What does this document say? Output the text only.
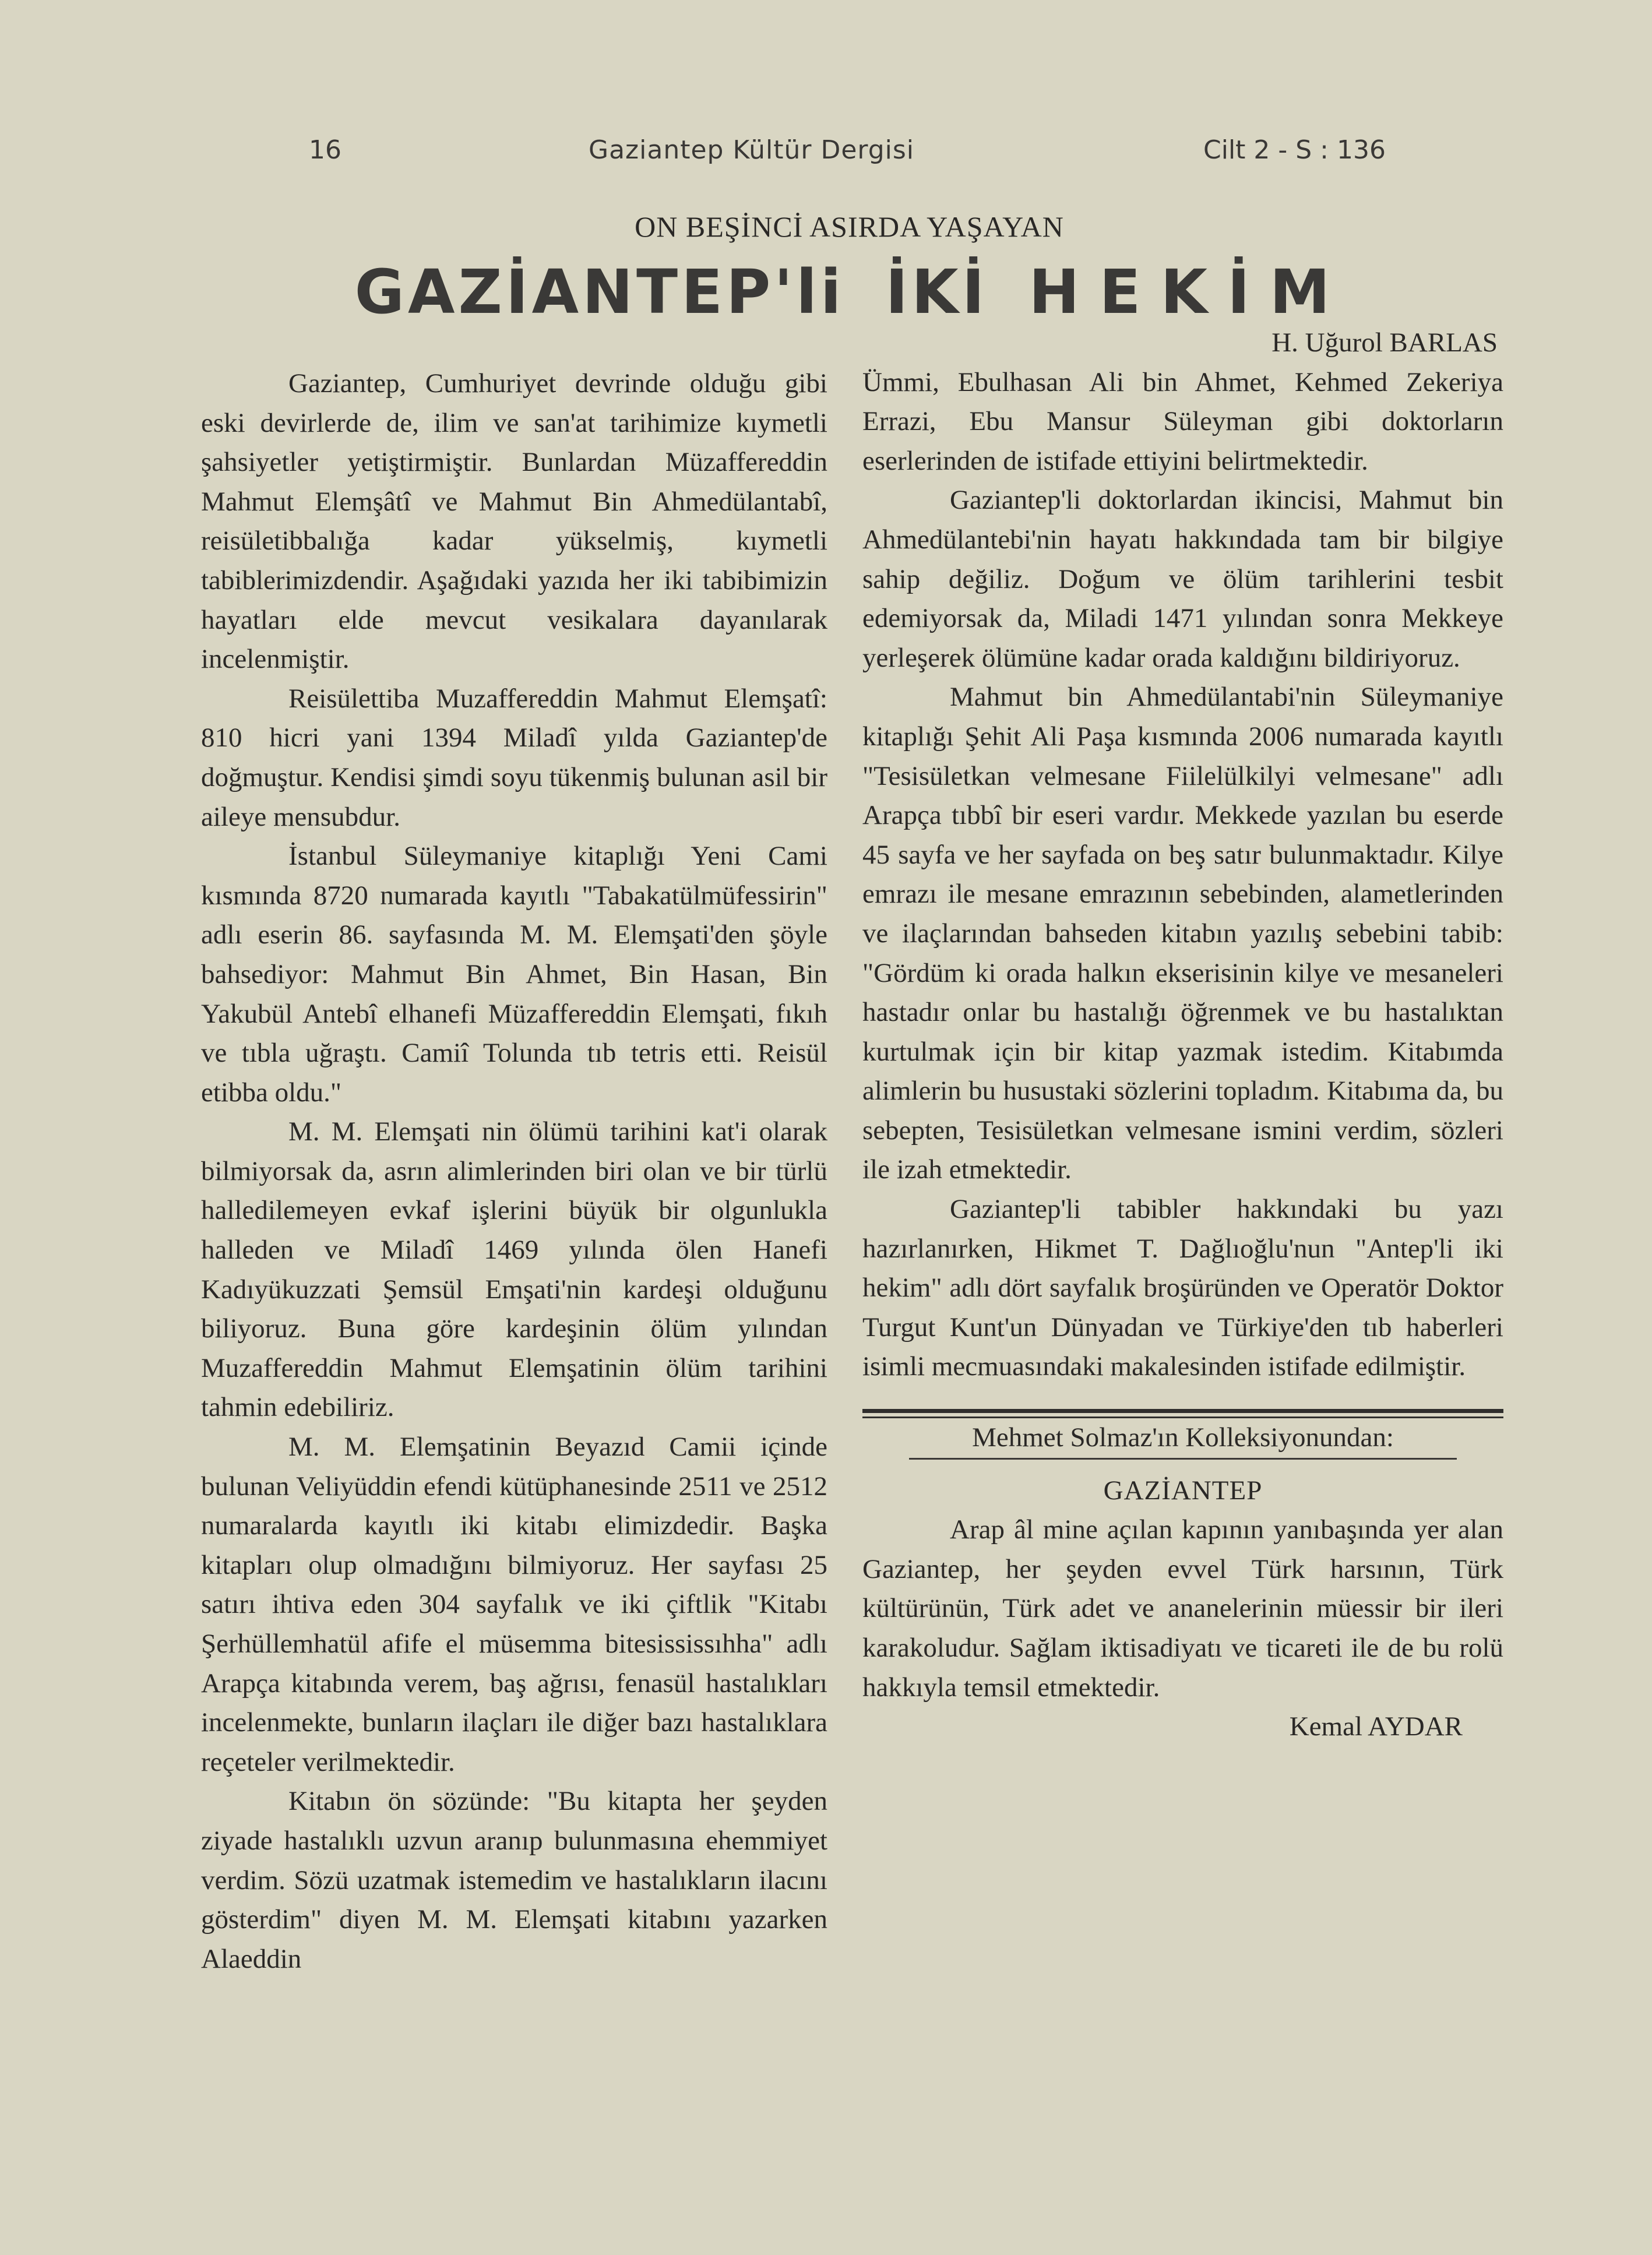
16	Gaziantep Kültür Dergisi	Cilt 2 - S : 136
ON BEŞİNCİ ASIRDA YAŞAYAN
GAZİANTEP'li İKİ HEKİM

Gaziantep, Cumhuriyet devrinde olduğu gibi eski devirlerde de, ilim ve san'at tarihimize kıymetli şahsiyetler yetiştirmiştir. Bunlardan Müzaffereddin Mahmut Elemşâtî ve Mahmut Bin Ahmedülantabî, reisületibbalığa kadar yükselmiş, kıymetli tabiblerimizdendir. Aşağıdaki yazıda her iki tabibimizin hayatları elde mevcut vesikalara dayanılarak incelenmiştir.

Reisülettiba Muzaffereddin Mahmut Elemşatî: 810 hicri yani 1394 Miladî yılda Gaziantep'de doğmuştur. Kendisi şimdi soyu tükenmiş bulunan asil bir aileye mensubdur.

İstanbul Süleymaniye kitaplığı Yeni Cami kısmında 8720 numarada kayıtlı "Tabakatülmüfessirin" adlı eserin 86. sayfasında M. M. Elemşati'den şöyle bahsediyor: Mahmut Bin Ahmet, Bin Hasan, Bin Yakubül Antebî elhanefi Müzaffereddin Elemşati, fıkıh ve tıbla uğraştı. Camiî Tolunda tıb tetris etti. Reisül etibba oldu."

M. M. Elemşati nin ölümü tarihini kat'i olarak bilmiyorsak da, asrın alimlerinden biri olan ve bir türlü halledilemeyen evkaf işlerini büyük bir olgunlukla halleden ve Miladî 1469 yılında ölen Hanefi Kadıyükuzzati Şemsül Emşati'nin kardeşi olduğunu biliyoruz. Buna göre kardeşinin ölüm yılından Muzaffereddin Mahmut Elemşatinin ölüm tarihini tahmin edebiliriz.

M. M. Elemşatinin Beyazıd Camii içinde bulunan Veliyüddin efendi kütüphanesinde 2511 ve 2512 numaralarda kayıtlı iki kitabı elimizdedir. Başka kitapları olup olmadığını bilmiyoruz. Her sayfası 25 satırı ihtiva eden 304 sayfalık ve iki çiftlik "Kitabı Şerhüllemhatül afife el müsemma bitesississıhha" adlı Arapça kitabında verem, baş ağrısı, fenasül hastalıkları incelenmekte, bunların ilaçları ile diğer bazı hastalıklara reçeteler verilmektedir.

Kitabın ön sözünde: "Bu kitapta her şeyden ziyade hastalıklı uzvun aranıp bulunmasına ehemmiyet verdim. Sözü uzatmak istemedim ve hastalıkların ilacını gösterdim" diyen M. M. Elemşati kitabını yazarken Alaeddin

H. Uğurol BARLAS

Ümmi, Ebulhasan Ali bin Ahmet, Kehmed Zekeriya Errazi, Ebu Mansur Süleyman gibi doktorların eserlerinden de istifade ettiyini belirtmektedir.

Gaziantep'li doktorlardan ikincisi, Mahmut bin Ahmedülantebi'nin hayatı hakkındada tam bir bilgiye sahip değiliz. Doğum ve ölüm tarihlerini tesbit edemiyorsak da, Miladi 1471 yılından sonra Mekkeye yerleşerek ölümüne kadar orada kaldığını bildiriyoruz.

Mahmut bin Ahmedülantabi'nin Süleymaniye kitaplığı Şehit Ali Paşa kısmında 2006 numarada kayıtlı "Tesisületkan velmesane Fiilelülkilyi velmesane" adlı Arapça tıbbî bir eseri vardır. Mekkede yazılan bu eserde 45 sayfa ve her sayfada on beş satır bulunmaktadır. Kilye emrazı ile mesane emrazının sebebinden, alametlerinden ve ilaçlarından bahseden kitabın yazılış sebebini tabib: "Gördüm ki orada halkın ekserisinin kilye ve mesaneleri hastadır onlar bu hastalığı öğrenmek ve bu hastalıktan kurtulmak için bir kitap yazmak istedim. Kitabımda alimlerin bu husustaki sözlerini topladım. Kitabıma da, bu sebepten, Tesisületkan velmesane ismini verdim, sözleri ile izah etmektedir.

Gaziantep'li tabibler hakkındaki bu yazı hazırlanırken, Hikmet T. Dağlıoğlu'nun "Antep'li iki hekim" adlı dört sayfalık broşüründen ve Operatör Doktor Turgut Kunt'un Dünyadan ve Türkiye'den tıb haberleri isimli mecmuasındaki makalesinden istifade edilmiştir.

Mehmet Solmaz'ın Kolleksiyonundan:

GAZİANTEP

Arap âl mine açılan kapının yanıbaşında yer alan Gaziantep, her şeyden evvel Türk harsının, Türk kültürünün, Türk adet ve ananelerinin müessir bir ileri karakoludur. Sağlam iktisadiyatı ve ticareti ile de bu rolü hakkıyla temsil etmektedir.

Kemal AYDAR
